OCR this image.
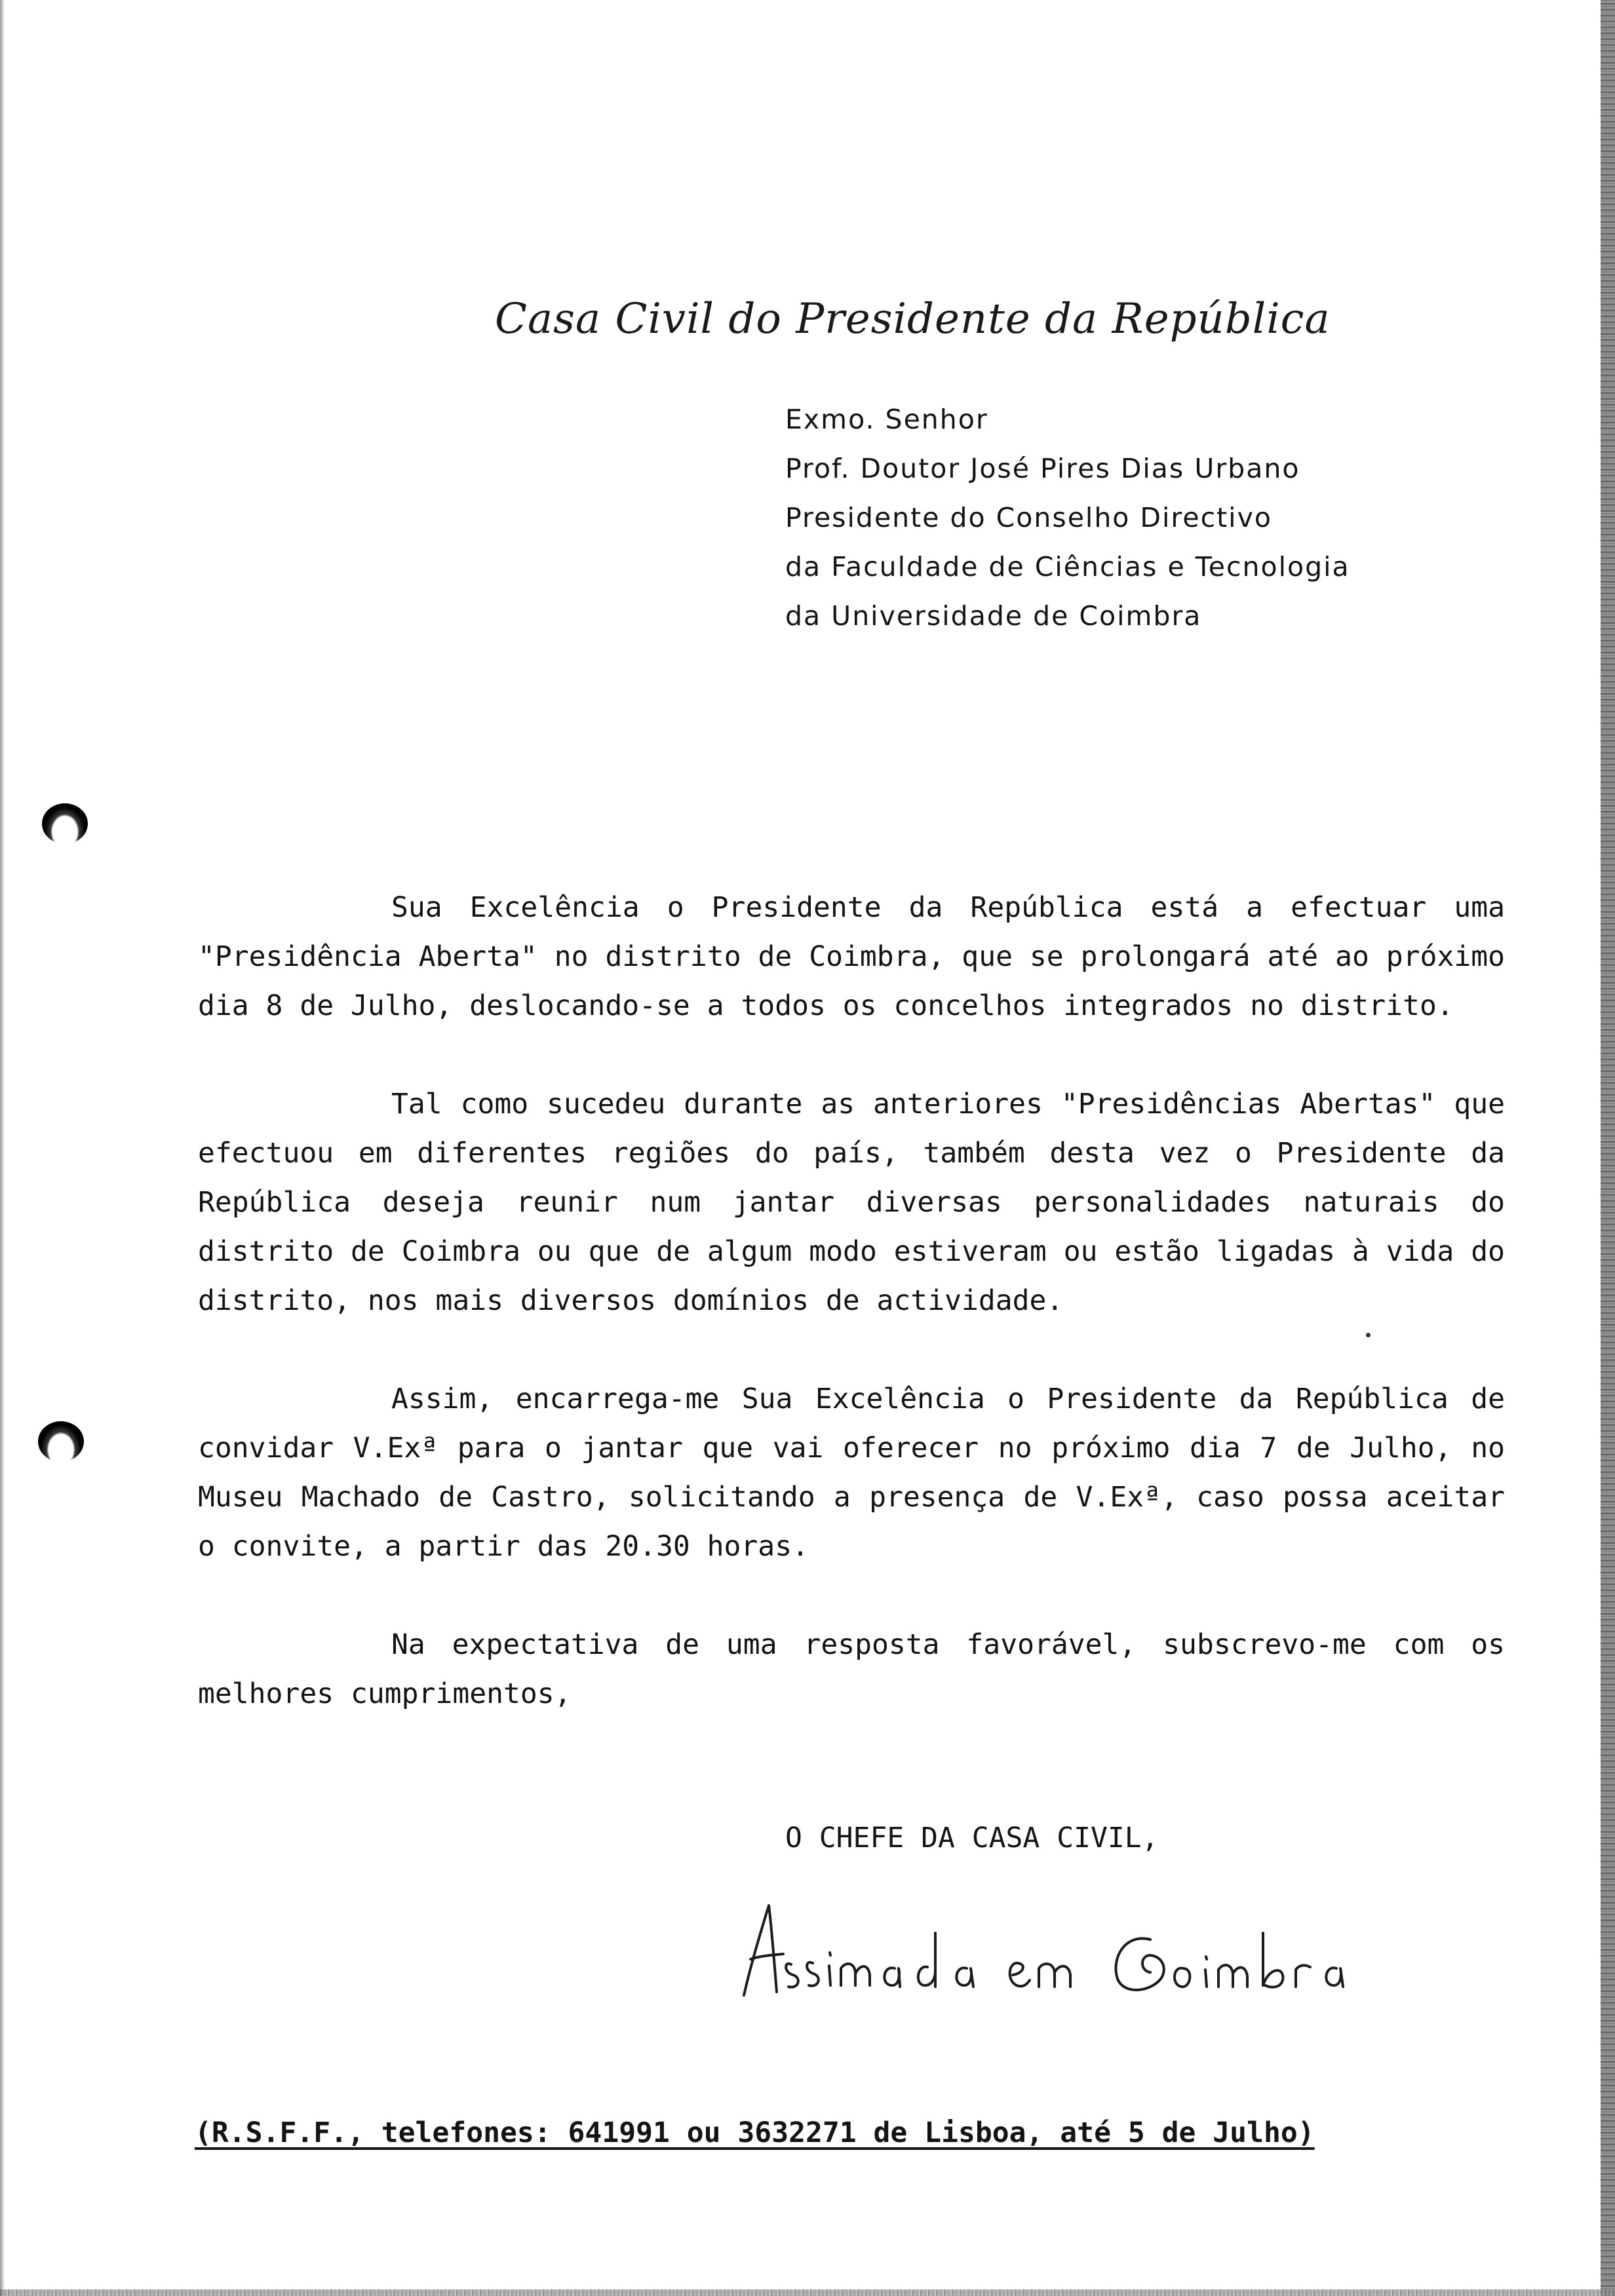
Casa Civil do Presidente da República
Exmo. Senhor
Prof. Doutor José Pires Dias Urbano
Presidente do Conselho Directivo
da Faculdade de Ciências e Tecnologia
da Universidade de Coimbra

Sua Excelência o Presidente da República está a efectuar uma "Presidência Aberta" no distrito de Coimbra, que se prolongará até ao próximo dia 8 de Julho, deslocando-se a todos os concelhos integrados no distrito.

Tal como sucedeu durante as anteriores "Presidências Abertas" que efectuou em diferentes regiões do país, também desta vez o Presidente da República deseja reunir num jantar diversas personalidades naturais do distrito de Coimbra ou que de algum modo estiveram ou estão ligadas à vida do distrito, nos mais diversos domínios de actividade.

Assim, encarrega-me Sua Excelência o Presidente da República de convidar V.Exª para o jantar que vai oferecer no próximo dia 7 de Julho, no Museu Machado de Castro, solicitando a presença de V.Exª, caso possa aceitar o convite, a partir das 20.30 horas.

Na expectativa de uma resposta favorável, subscrevo-me com os melhores cumprimentos,

O CHEFE DA CASA CIVIL,
(R.S.F.F., telefones: 641991 ou 3632271 de Lisboa, até 5 de Julho)
